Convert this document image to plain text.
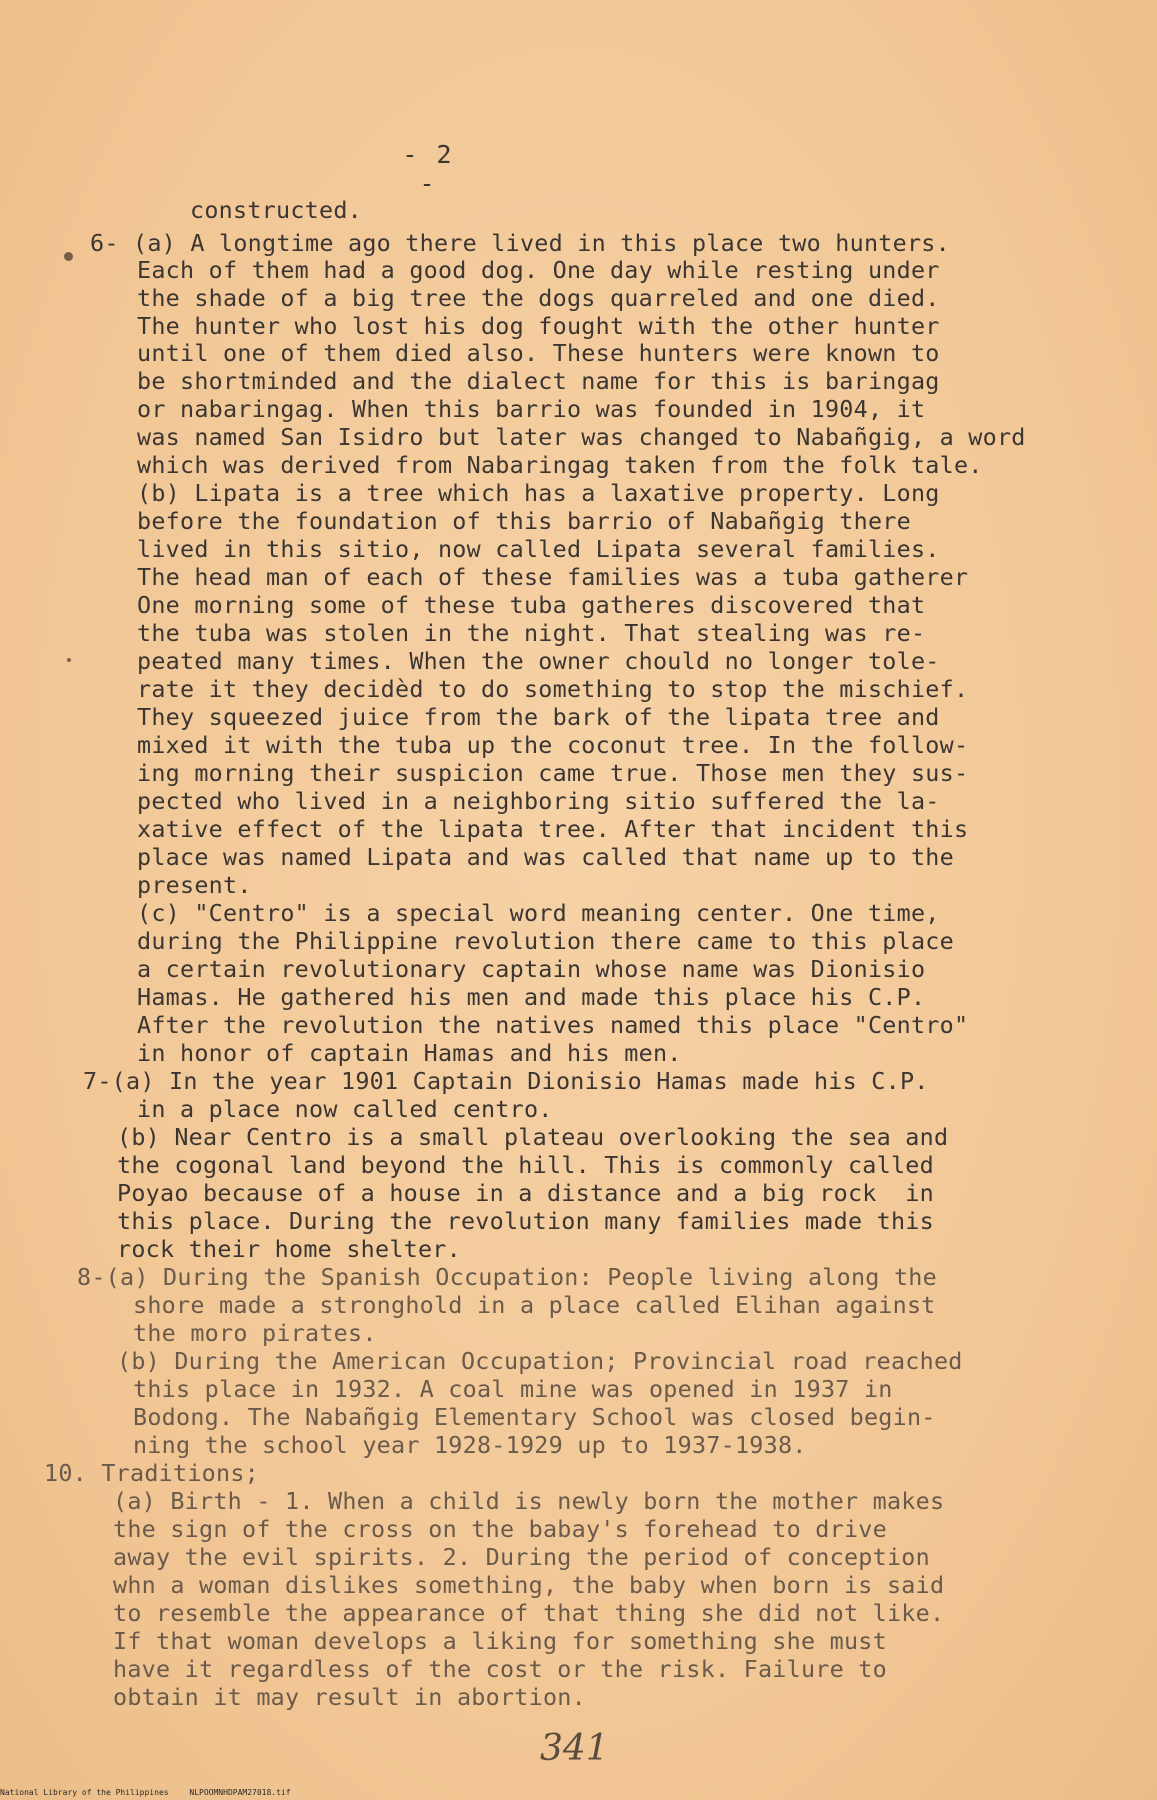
- 2 -
constructed.
6- (a) A longtime ago there lived in this place two hunters.
Each of them had a good dog. One day while resting under
the shade of a big tree the dogs quarreled and one died.
The hunter who lost his dog fought with the other hunter
until one of them died also. These hunters were known to
be shortminded and the dialect name for this is baringag
or nabaringag. When this barrio was founded in 1904, it
was named San Isidro but later was changed to Nabañgig, a word
which was derived from Nabaringag taken from the folk tale.
(b) Lipata is a tree which has a laxative property. Long
before the foundation of this barrio of Nabañgig there
lived in this sitio, now called Lipata several families.
The head man of each of these families was a tuba gatherer
One morning some of these tuba gatheres discovered that
the tuba was stolen in the night. That stealing was re-
peated many times. When the owner chould no longer tole-
rate it they decidèd to do something to stop the mischief.
They squeezed juice from the bark of the lipata tree and
mixed it with the tuba up the coconut tree. In the follow-
ing morning their suspicion came true. Those men they sus-
pected who lived in a neighboring sitio suffered the la-
xative effect of the lipata tree. After that incident this
place was named Lipata and was called that name up to the
present.
(c) "Centro" is a special word meaning center. One time,
during the Philippine revolution there came to this place
a certain revolutionary captain whose name was Dionisio
Hamas. He gathered his men and made this place his C.P.
After the revolution the natives named this place "Centro"
in honor of captain Hamas and his men.
7-(a) In the year 1901 Captain Dionisio Hamas made his C.P.
in a place now called centro.
(b) Near Centro is a small plateau overlooking the sea and
the cogonal land beyond the hill. This is commonly called
Poyao because of a house in a distance and a big rock  in
this place. During the revolution many families made this
rock their home shelter.
8-(a) During the Spanish Occupation: People living along the
shore made a stronghold in a place called Elihan against
the moro pirates.
(b) During the American Occupation; Provincial road reached
this place in 1932. A coal mine was opened in 1937 in
Bodong. The Nabañgig Elementary School was closed begin-
ning the school year 1928-1929 up to 1937-1938.
10. Traditions;
(a) Birth - 1. When a child is newly born the mother makes
the sign of the cross on the babay's forehead to drive
away the evil spirits. 2. During the period of conception
whn a woman dislikes something, the baby when born is said
to resemble the appearance of that thing she did not like.
If that woman develops a liking for something she must
have it regardless of the cost or the risk. Failure to
obtain it may result in abortion.
341
National Library of the Philippines	NLPOOMNHDPAM27018.tif
